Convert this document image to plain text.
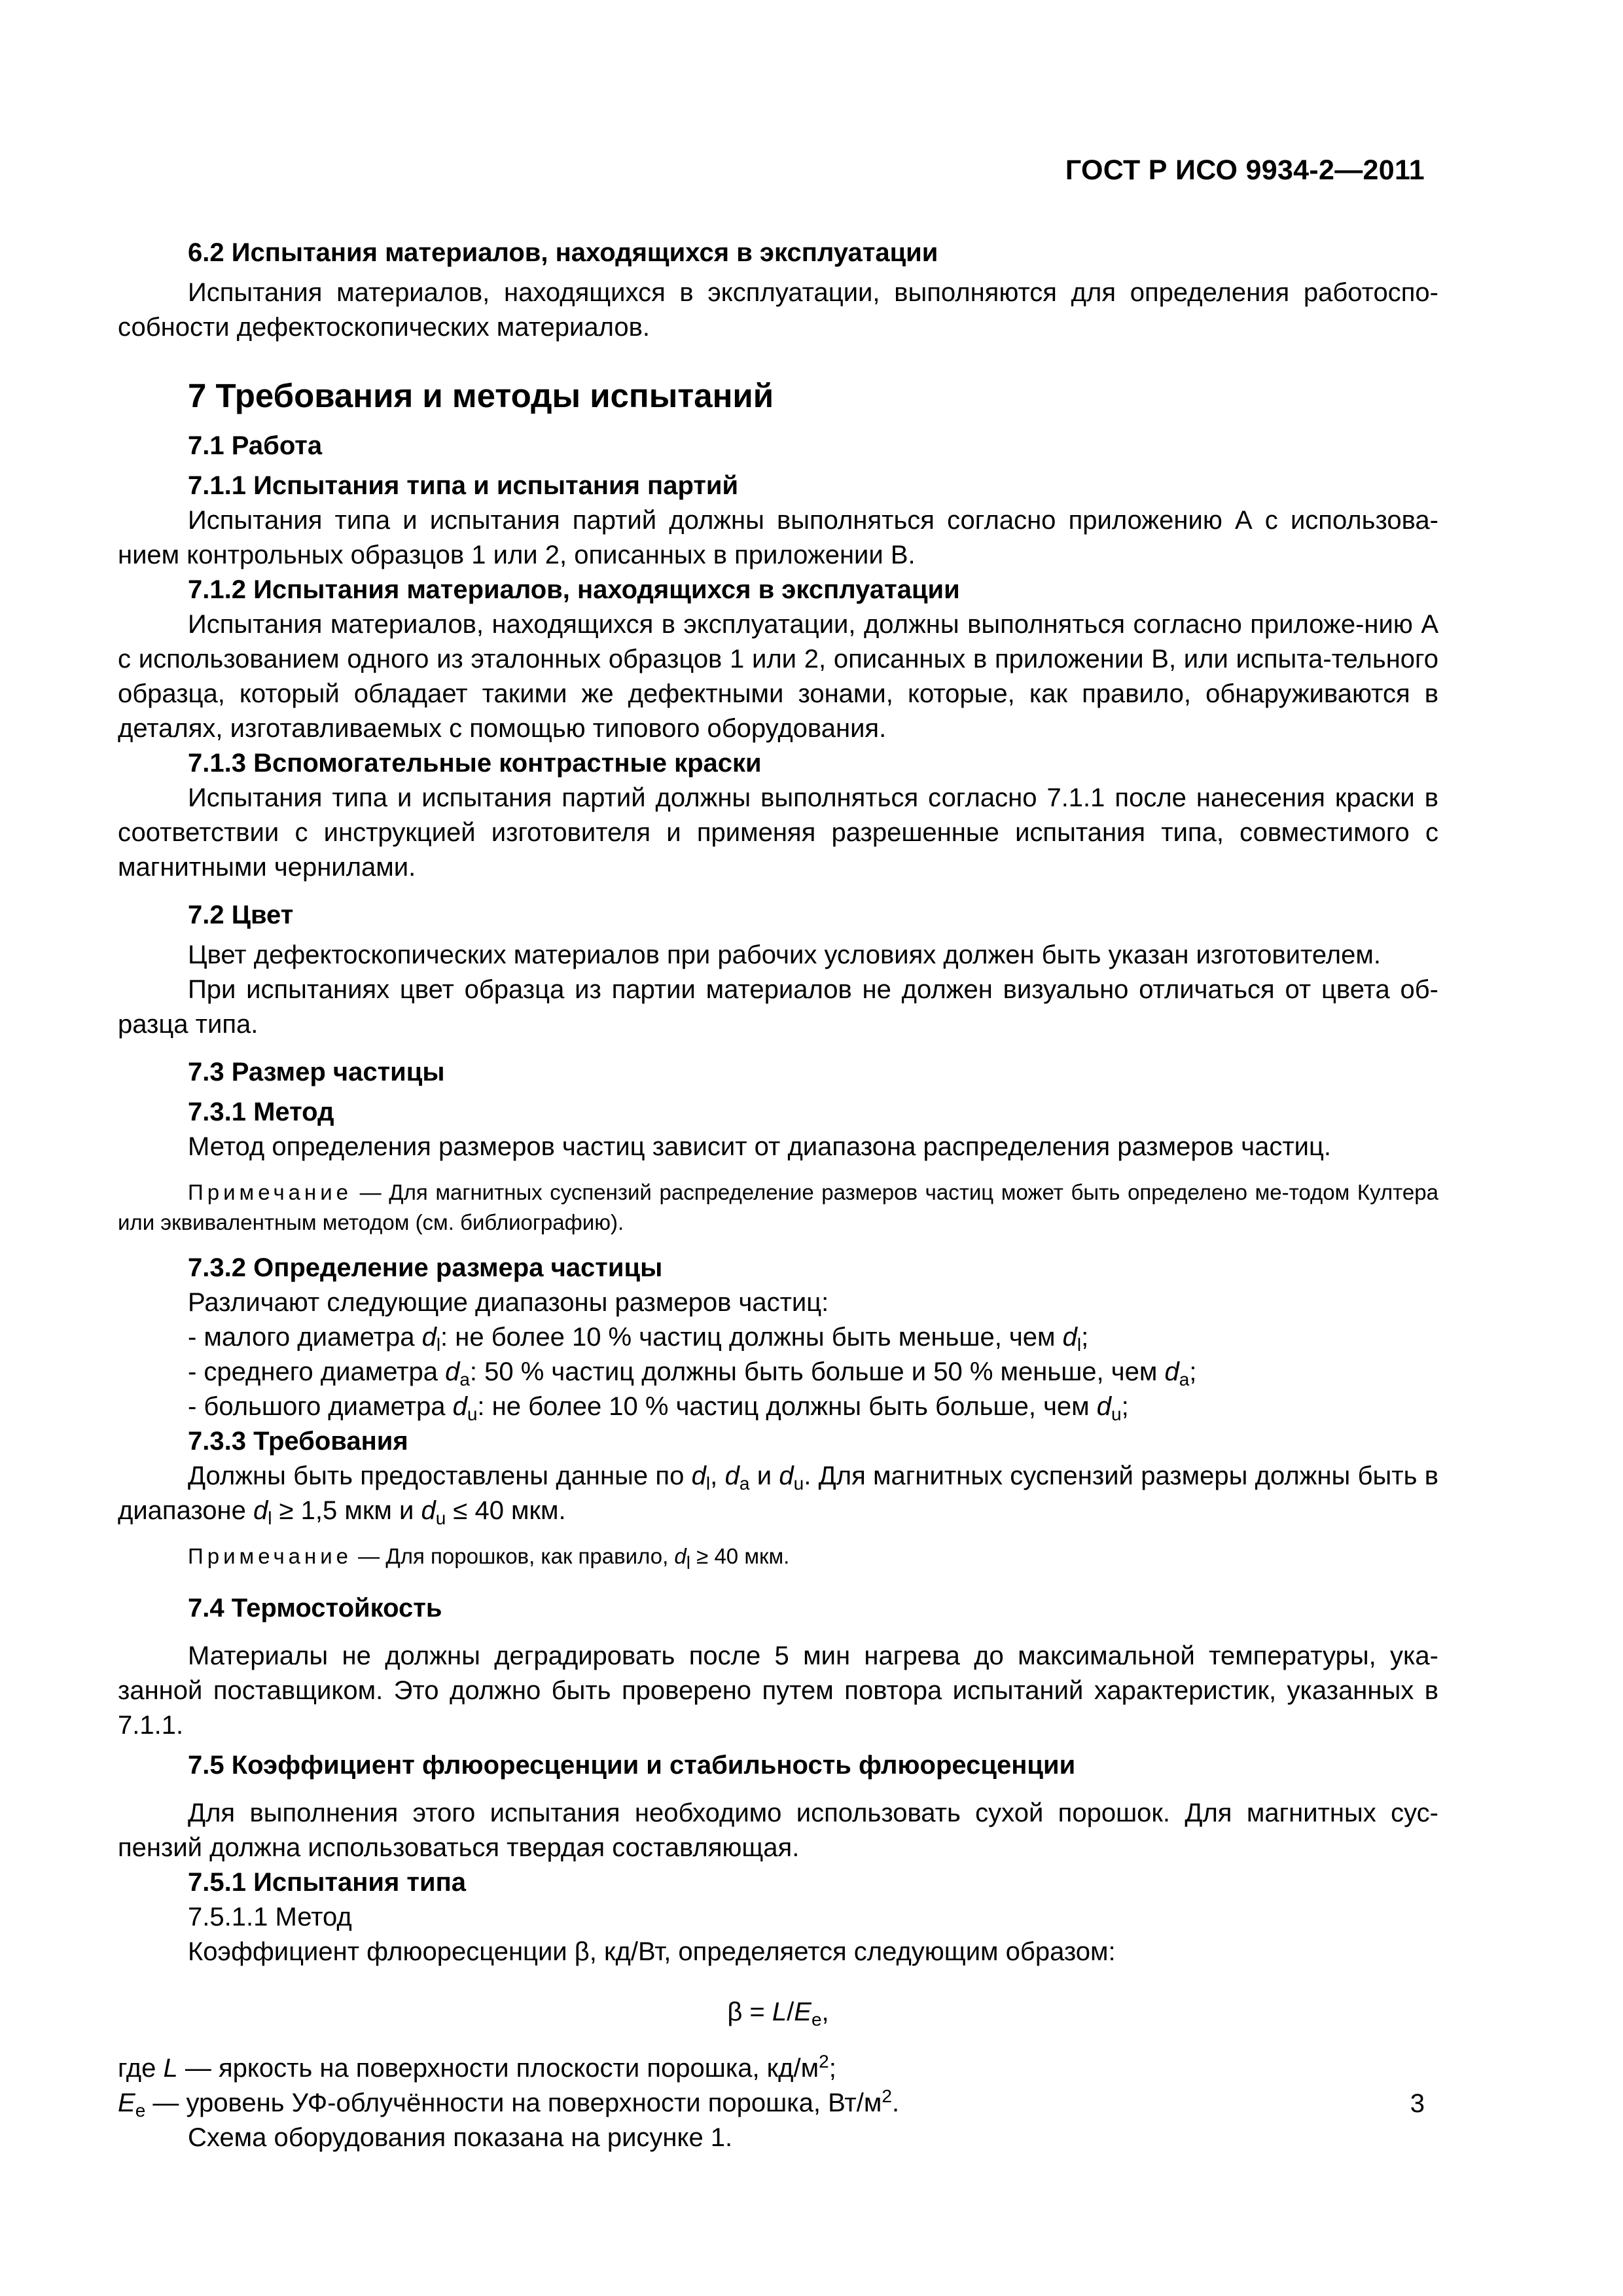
ГОСТ Р ИСО 9934-2—2011

6.2 Испытания материалов, находящихся в эксплуатации

Испытания материалов, находящихся в эксплуатации, выполняются для определения работоспо-собности дефектоскопических материалов.

7 Требования и методы испытаний

7.1 Работа

7.1.1 Испытания типа и испытания партий

Испытания типа и испытания партий должны выполняться согласно приложению А с использова-нием контрольных образцов 1 или 2, описанных в приложении В.

7.1.2 Испытания материалов, находящихся в эксплуатации

Испытания материалов, находящихся в эксплуатации, должны выполняться согласно приложе-нию А с использованием одного из эталонных образцов 1 или 2, описанных в приложении В, или испыта-тельного образца, который обладает такими же дефектными зонами, которые, как правило, обнаруживаются в деталях, изготавливаемых с помощью типового оборудования.

7.1.3 Вспомогательные контрастные краски

Испытания типа и испытания партий должны выполняться согласно 7.1.1 после нанесения краски в соответствии с инструкцией изготовителя и применяя разрешенные испытания типа, совместимого с магнитными чернилами.

7.2 Цвет

Цвет дефектоскопических материалов при рабочих условиях должен быть указан изготовителем.

При испытаниях цвет образца из партии материалов не должен визуально отличаться от цвета об-разца типа.

7.3 Размер частицы

7.3.1 Метод

Метод определения размеров частиц зависит от диапазона распределения размеров частиц.

Примечание — Для магнитных суспензий распределение размеров частиц может быть определено ме-тодом Култера или эквивалентным методом (см. библиографию).

7.3.2 Определение размера частицы

Различают следующие диапазоны размеров частиц:

- малого диаметра $d_l$: не более 10 % частиц должны быть меньше, чем $d_l$;

- среднего диаметра $d_a$: 50 % частиц должны быть больше и 50 % меньше, чем $d_a$;

- большого диаметра $d_u$: не более 10 % частиц должны быть больше, чем $d_u$;

7.3.3 Требования

Должны быть предоставлены данные по $d_l$, $d_a$ и $d_u$. Для магнитных суспензий размеры должны быть в диапазоне $d_l \ge 1,5$ мкм и $d_u \le 40$ мкм.

Примечание — Для порошков, как правило, $d_l \ge 40$ мкм.

7.4 Термостойкость

Материалы не должны деградировать после 5 мин нагрева до максимальной температуры, ука-занной поставщиком. Это должно быть проверено путем повтора испытаний характеристик, указанных в 7.1.1.

7.5 Коэффициент флюоресценции и стабильность флюоресценции

Для выполнения этого испытания необходимо использовать сухой порошок. Для магнитных сус-пензий должна использоваться твердая составляющая.

7.5.1 Испытания типа

7.5.1.1 Метод

Коэффициент флюоресценции β, кд/Вт, определяется следующим образом:

$\beta = L/E_e$,

где L — яркость на поверхности плоскости порошка, $кд/м^2$;

$E_e$ — уровень УФ-облучённости на поверхности порошка, $Вт/м^2$.

Схема оборудования показана на рисунке 1.

3
